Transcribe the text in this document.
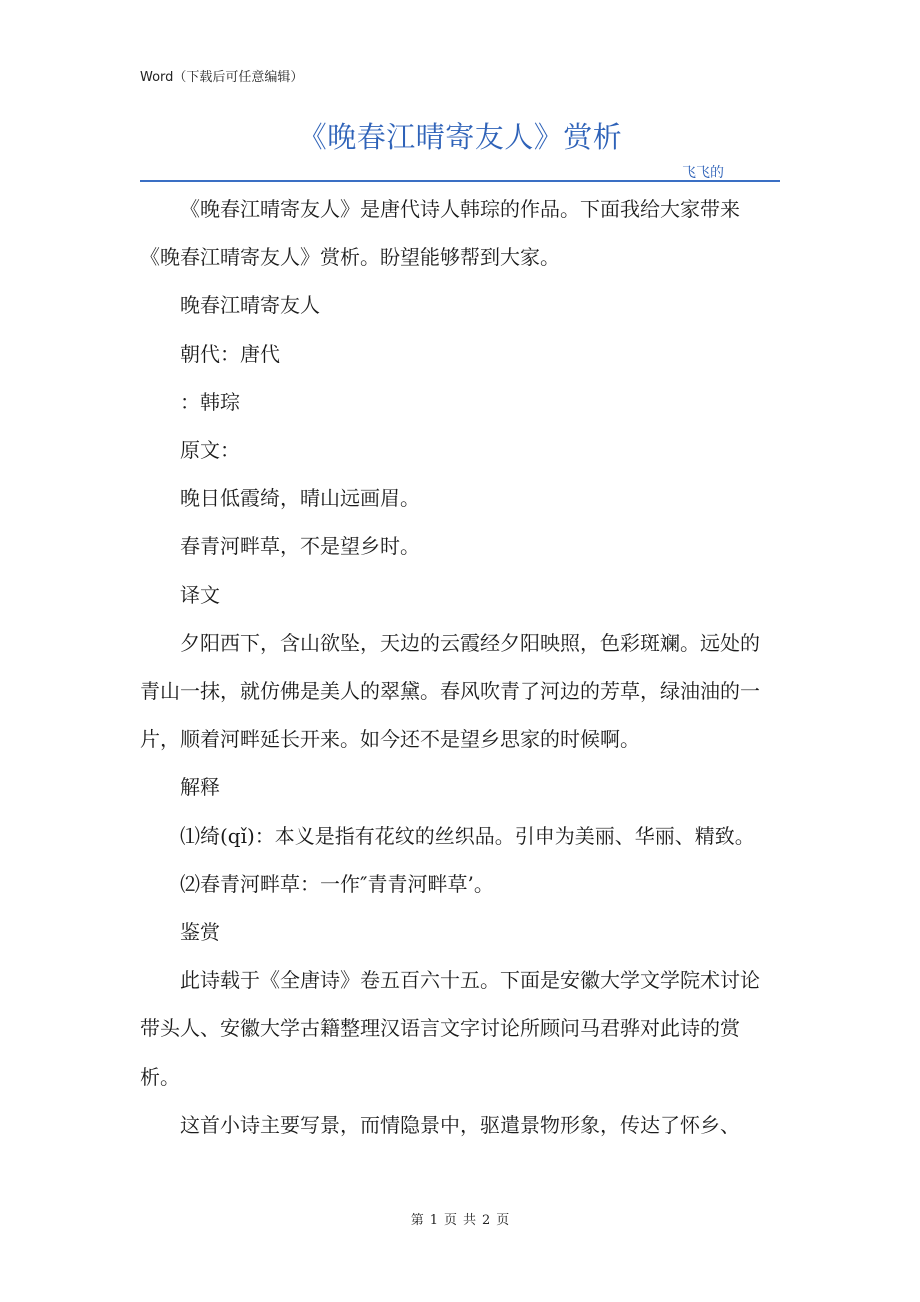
Word（下载后可任意编辑）
《晚春江晴寄友人》赏析
飞飞的

《晚春江晴寄友人》是唐代诗人韩琮的作品。下面我给大家带来《晚春江晴寄友人》赏析。盼望能够帮到大家。

晚春江晴寄友人

朝代：唐代

：韩琮

原文：

晚日低霞绮，晴山远画眉。

春青河畔草，不是望乡时。

译文

夕阳西下，含山欲坠，天边的云霞经夕阳映照，色彩斑斓。远处的青山一抹，就仿佛是美人的翠黛。春风吹青了河边的芳草，绿油油的一片，顺着河畔延长开来。如今还不是望乡思家的时候啊。

解释

⑴绮(qǐ)：本义是指有花纹的丝织品。引申为美丽、华丽、精致。

⑵春青河畔草：一作″青青河畔草’。

鉴赏

此诗载于《全唐诗》卷五百六十五。下面是安徽大学文学院术讨论带头人、安徽大学古籍整理汉语言文字讨论所顾问马君骅对此诗的赏析。

这首小诗主要写景，而情隐景中，驱遣景物形象，传达了怀乡、

第 1 页 共 2 页
